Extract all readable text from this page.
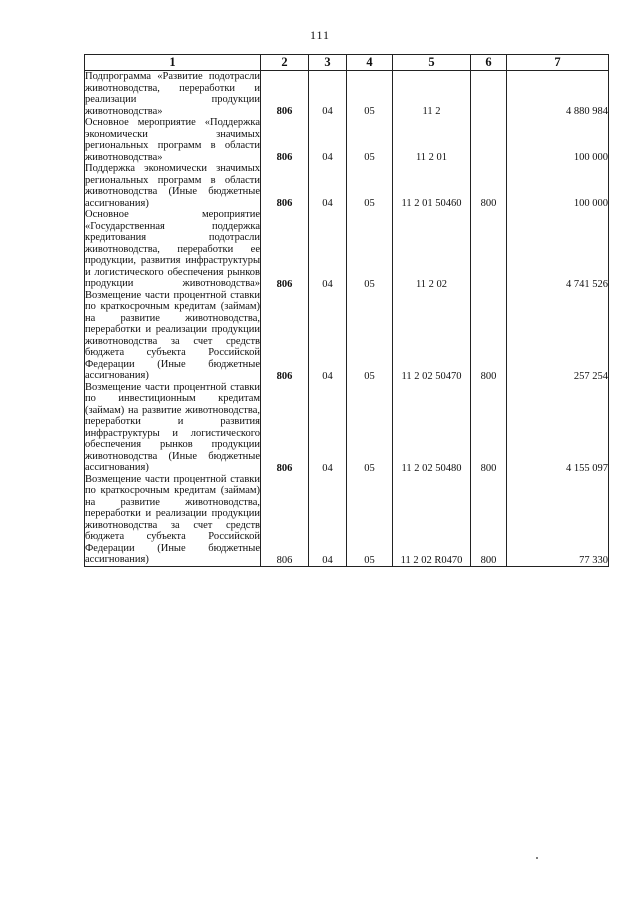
111
1	2	3	4	5	6	7
Подпрограмма «Развитие подотрасли животноводства, переработки и реализации продукции животноводства»	806	04	05	11 2		4 880 984
Основное мероприятие «Поддержка экономически значимых региональных программ в области животноводства»	806	04	05	11 2 01		100 000
Поддержка экономически значимых региональных программ в области животноводства (Иные бюджетные ассигнования)	806	04	05	11 2 01 50460	800	100 000
Основное мероприятие «Государственная поддержка кредитования подотрасли животноводства, переработки ее продукции, развития инфраструктуры и логистического обеспечения рынков продукции животноводства»	806	04	05	11 2 02		4 741 526
Возмещение части процентной ставки по краткосрочным кредитам (займам) на развитие животноводства, переработки и реализации продукции животноводства за счет средств бюджета субъекта Российской Федерации (Иные бюджетные ассигнования)	806	04	05	11 2 02 50470	800	257 254
Возмещение части процентной ставки по инвестиционным кредитам (займам) на развитие животноводства, переработки и развития инфраструктуры и логистического обеспечения рынков продукции животноводства (Иные бюджетные ассигнования)	806	04	05	11 2 02 50480	800	4 155 097
Возмещение части процентной ставки по краткосрочным кредитам (займам) на развитие животноводства, переработки и реализации продукции животноводства за счет средств бюджета субъекта Российской Федерации (Иные бюджетные ассигнования)	806	04	05	11 2 02 R0470	800	77 330
